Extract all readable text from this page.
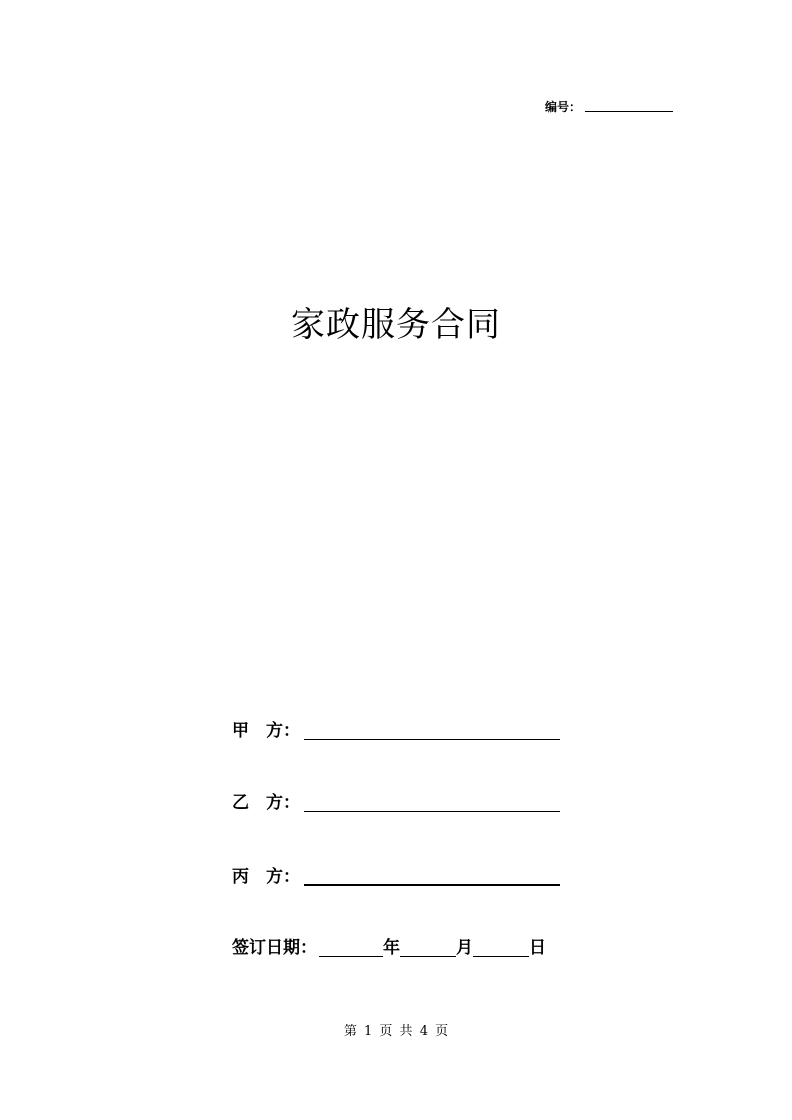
编号：
家政服务合同
甲　方：
乙　方：
丙　方：
签订日期：	年	月	日
第 1 页 共 4 页
